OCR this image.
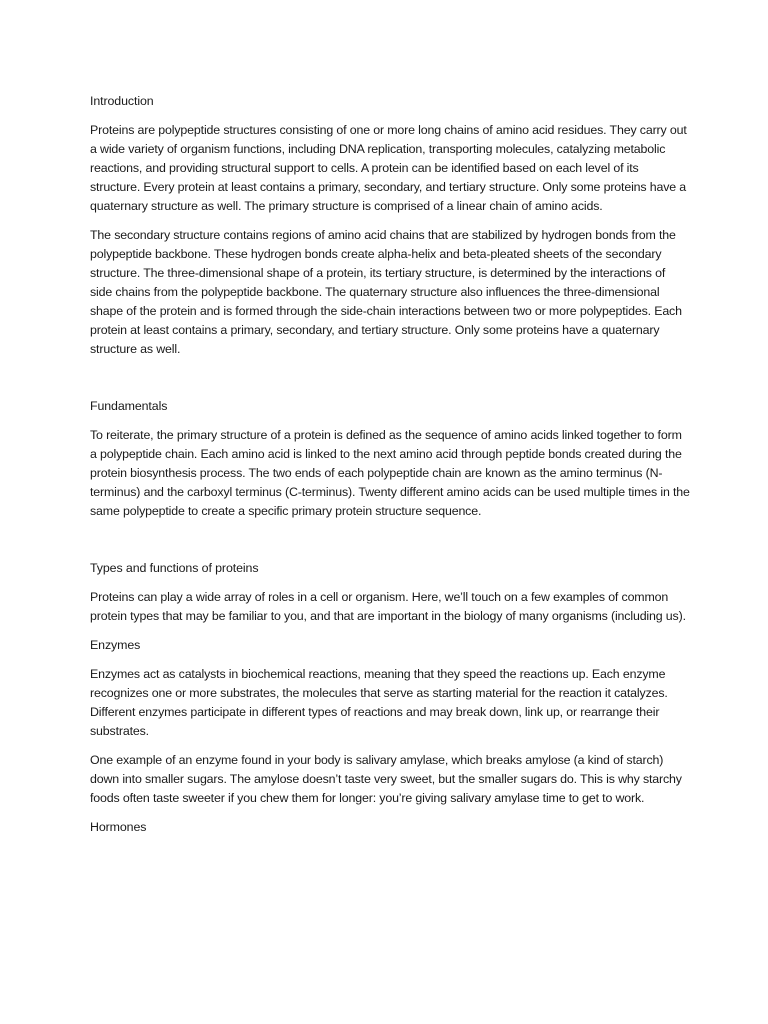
Introduction

Proteins are polypeptide structures consisting of one or more long chains of amino acid residues. They carry out a wide variety of organism functions, including DNA replication, transporting molecules, catalyzing metabolic reactions, and providing structural support to cells. A protein can be identified based on each level of its structure. Every protein at least contains a primary, secondary, and tertiary structure. Only some proteins have a quaternary structure as well. The primary structure is comprised of a linear chain of amino acids.

The secondary structure contains regions of amino acid chains that are stabilized by hydrogen bonds from the polypeptide backbone. These hydrogen bonds create alpha-helix and beta-pleated sheets of the secondary structure. The three-dimensional shape of a protein, its tertiary structure, is determined by the interactions of side chains from the polypeptide backbone. The quaternary structure also influences the three-dimensional shape of the protein and is formed through the side-chain interactions between two or more polypeptides. Each protein at least contains a primary, secondary, and tertiary structure. Only some proteins have a quaternary structure as well.

Fundamentals

To reiterate, the primary structure of a protein is defined as the sequence of amino acids linked together to form a polypeptide chain. Each amino acid is linked to the next amino acid through peptide bonds created during the protein biosynthesis process. The two ends of each polypeptide chain are known as the amino terminus (N-terminus) and the carboxyl terminus (C-terminus). Twenty different amino acids can be used multiple times in the same polypeptide to create a specific primary protein structure sequence.

Types and functions of proteins

Proteins can play a wide array of roles in a cell or organism. Here, we’ll touch on a few examples of common protein types that may be familiar to you, and that are important in the biology of many organisms (including us).

Enzymes

Enzymes act as catalysts in biochemical reactions, meaning that they speed the reactions up. Each enzyme recognizes one or more substrates, the molecules that serve as starting material for the reaction it catalyzes. Different enzymes participate in different types of reactions and may break down, link up, or rearrange their substrates.

One example of an enzyme found in your body is salivary amylase, which breaks amylose (a kind of starch) down into smaller sugars. The amylose doesn’t taste very sweet, but the smaller sugars do. This is why starchy foods often taste sweeter if you chew them for longer: you’re giving salivary amylase time to get to work.

Hormones
